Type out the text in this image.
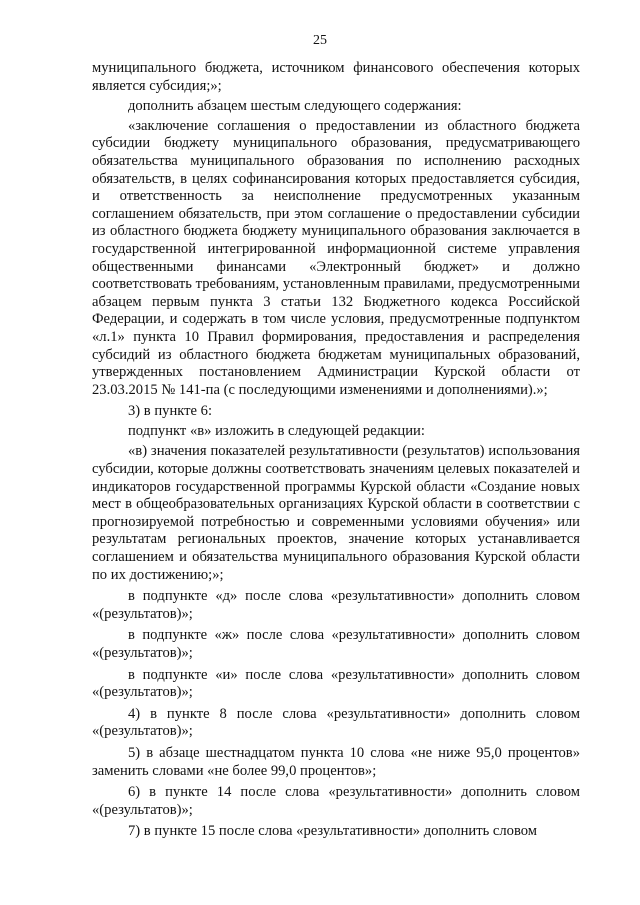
25

муниципального бюджета, источником финансового обеспечения которых является субсидия;»;

дополнить абзацем шестым следующего содержания:

«заключение соглашения о предоставлении из областного бюджета субсидии бюджету муниципального образования, предусматривающего обязательства муниципального образования по исполнению расходных обязательств, в целях софинансирования которых предоставляется субсидия, и ответственность за неисполнение предусмотренных указанным соглашением обязательств, при этом соглашение о предоставлении субсидии из областного бюджета бюджету муниципального образования заключается в государственной интегрированной информационной системе управления общественными финансами «Электронный бюджет» и должно соответствовать требованиям, установленным правилами, предусмотренными абзацем первым пункта 3 статьи 132 Бюджетного кодекса Российской Федерации, и содержать в том числе условия, предусмотренные подпунктом «л.1» пункта 10 Правил формирования, предоставления и распределения субсидий из областного бюджета бюджетам муниципальных образований, утвержденных постановлением Администрации Курской области от 23.03.2015 № 141-па (с последующими изменениями и дополнениями).»;

3) в пункте 6:

подпункт «в» изложить в следующей редакции:

«в) значения показателей результативности (результатов) использования субсидии, которые должны соответствовать значениям целевых показателей и индикаторов государственной программы Курской области «Создание новых мест в общеобразовательных организациях Курской области в соответствии с прогнозируемой потребностью и современными условиями обучения» или результатам региональных проектов, значение которых устанавливается соглашением и обязательства муниципального образования Курской области по их достижению;»;

в подпункте «д» после слова «результативности» дополнить словом «(результатов)»;

в подпункте «ж» после слова «результативности» дополнить словом «(результатов)»;

в подпункте «и» после слова «результативности» дополнить словом «(результатов)»;

4) в пункте 8 после слова «результативности» дополнить словом «(результатов)»;

5) в абзаце шестнадцатом пункта 10 слова «не ниже 95,0 процентов» заменить словами «не более 99,0 процентов»;

6) в пункте 14 после слова «результативности» дополнить словом «(результатов)»;

7) в пункте 15 после слова «результативности» дополнить словом
